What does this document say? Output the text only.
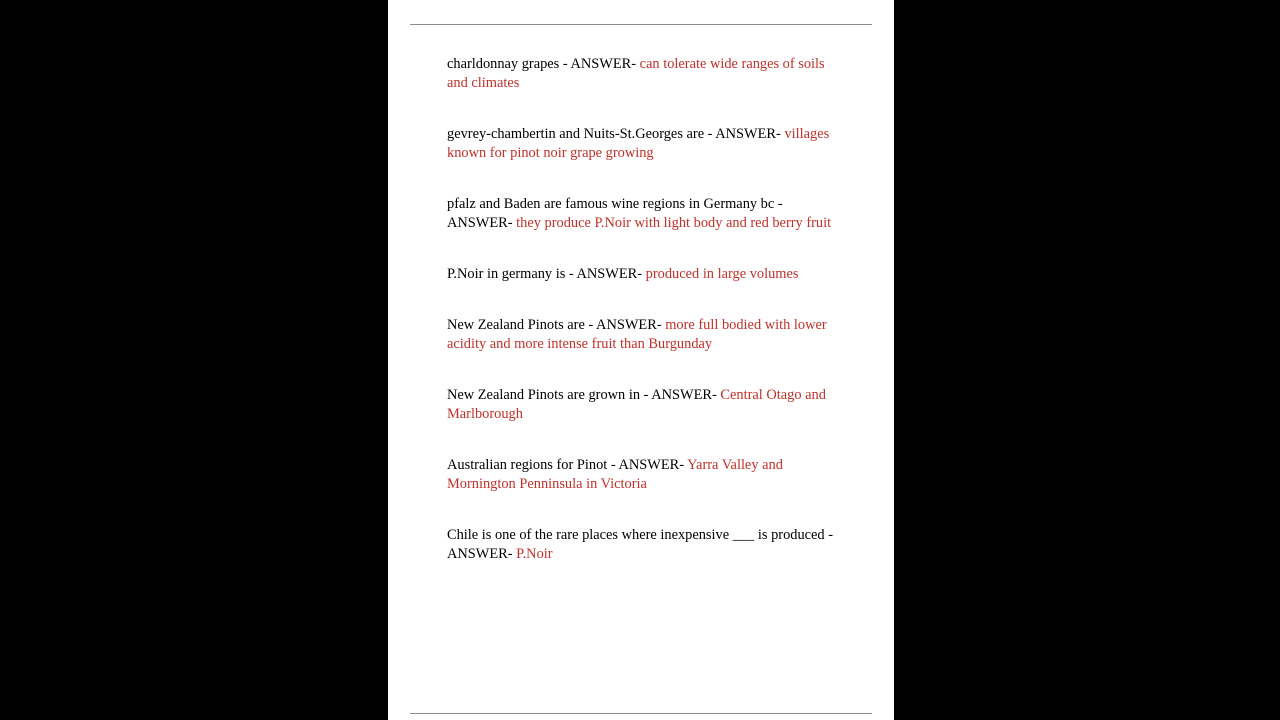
charldonnay grapes - ANSWER- can tolerate wide ranges of soils and climates

gevrey-chambertin and Nuits-St.Georges are - ANSWER- villages known for pinot noir grape growing

pfalz and Baden are famous wine regions in Germany bc - ANSWER- they produce P.Noir with light body and red berry fruit

P.Noir in germany is - ANSWER- produced in large volumes

New Zealand Pinots are - ANSWER- more full bodied with lower acidity and more intense fruit than Burgunday

New Zealand Pinots are grown in - ANSWER- Central Otago and Marlborough

Australian regions for Pinot - ANSWER- Yarra Valley and Mornington Penninsula in Victoria

Chile is one of the rare places where inexpensive ___ is produced - ANSWER- P.Noir
